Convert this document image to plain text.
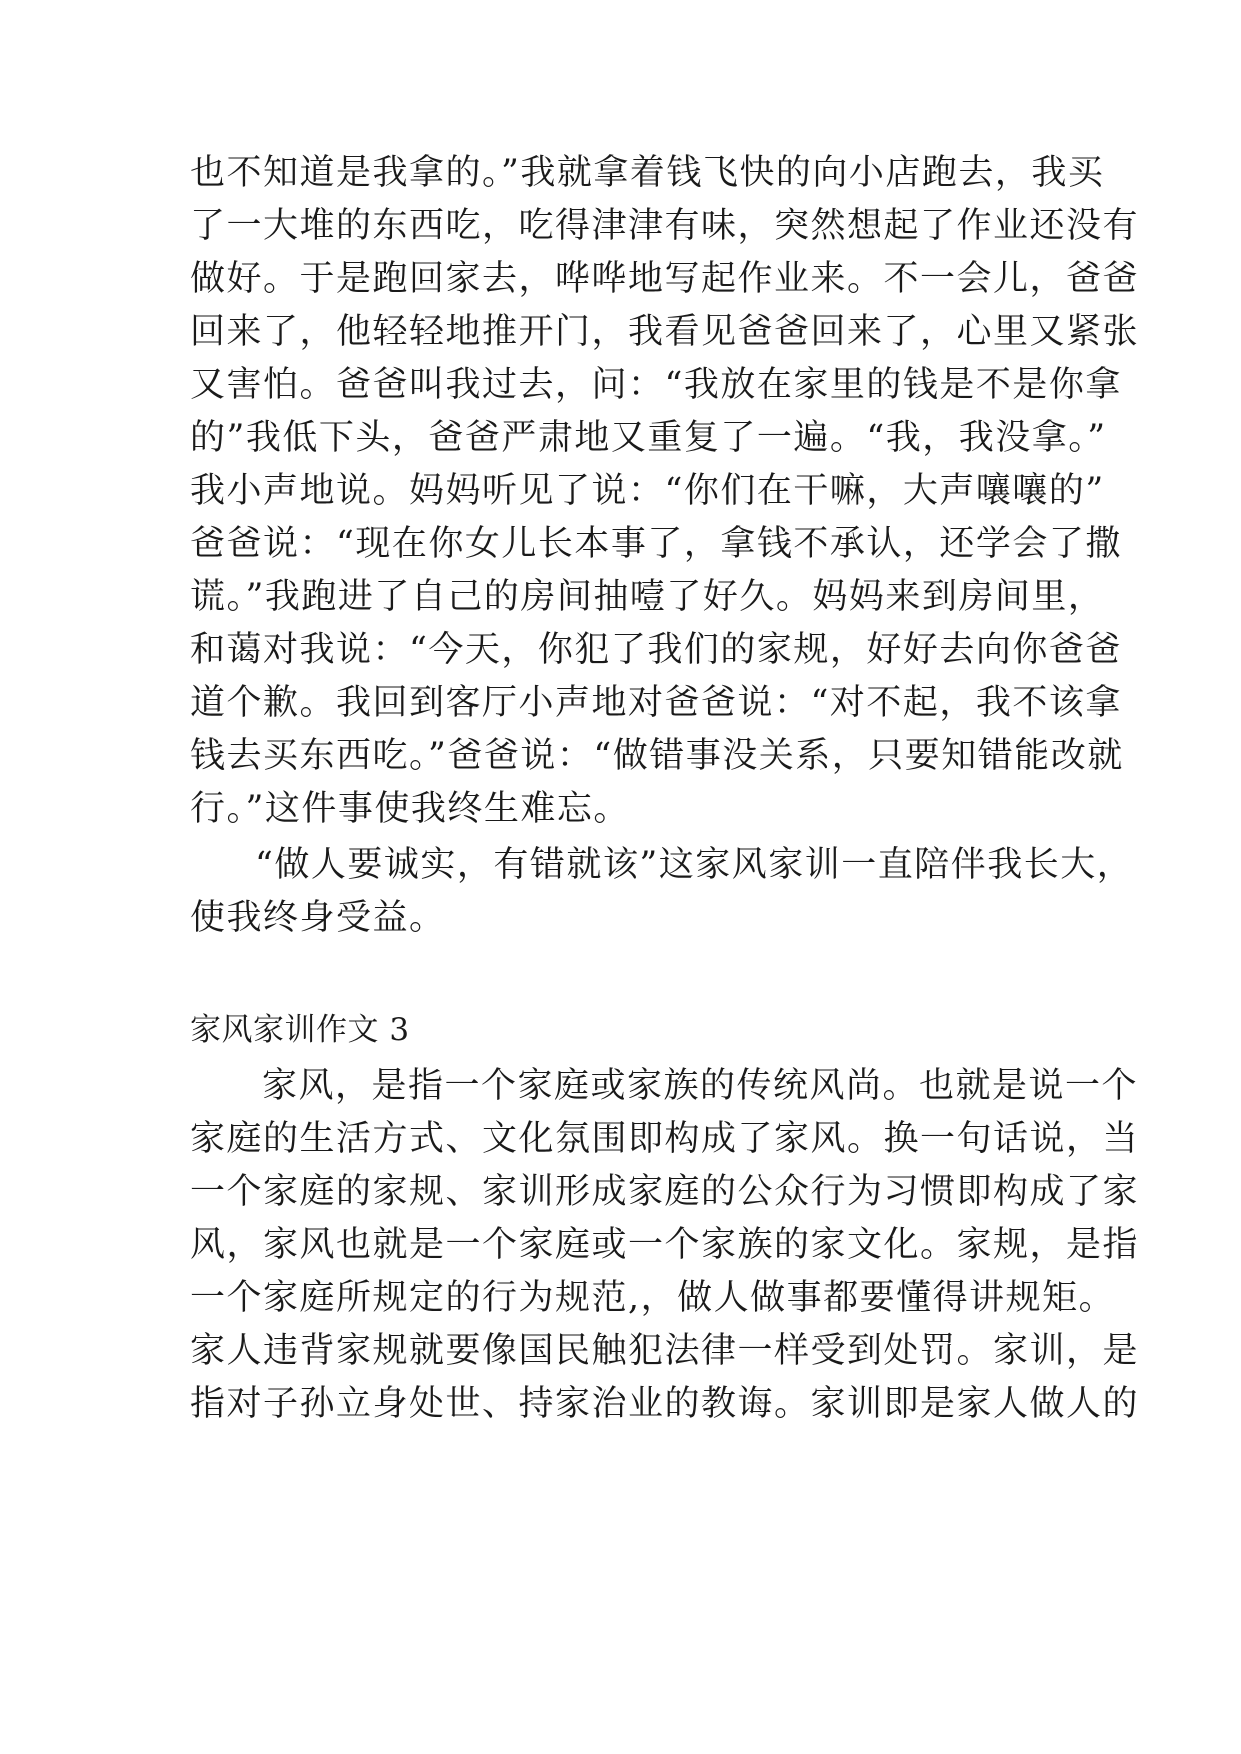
也不知道是我拿的。”我就拿着钱飞快的向小店跑去，我买
了一大堆的东西吃，吃得津津有味，突然想起了作业还没有
做好。于是跑回家去，哗哗地写起作业来。不一会儿，爸爸
回来了，他轻轻地推开门，我看见爸爸回来了，心里又紧张
又害怕。爸爸叫我过去，问：“我放在家里的钱是不是你拿
的”我低下头，爸爸严肃地又重复了一遍。“我，我没拿。”
我小声地说。妈妈听见了说：“你们在干嘛，大声嚷嚷的”
爸爸说：“现在你女儿长本事了，拿钱不承认，还学会了撒
谎。”我跑进了自己的房间抽噎了好久。妈妈来到房间里，
和蔼对我说：“今天，你犯了我们的家规，好好去向你爸爸
道个歉。我回到客厅小声地对爸爸说：“对不起，我不该拿
钱去买东西吃。”爸爸说：“做错事没关系，只要知错能改就
行。”这件事使我终生难忘。
“做人要诚实，有错就该”这家风家训一直陪伴我长大，
使我终身受益。
家风家训作文 3
家风，是指一个家庭或家族的传统风尚。也就是说一个
家庭的生活方式、文化氛围即构成了家风。换一句话说，当
一个家庭的家规、家训形成家庭的公众行为习惯即构成了家
风，家风也就是一个家庭或一个家族的家文化。家规，是指
一个家庭所规定的行为规范,，做人做事都要懂得讲规矩。
家人违背家规就要像国民触犯法律一样受到处罚。家训，是
指对子孙立身处世、持家治业的教诲。家训即是家人做人的
